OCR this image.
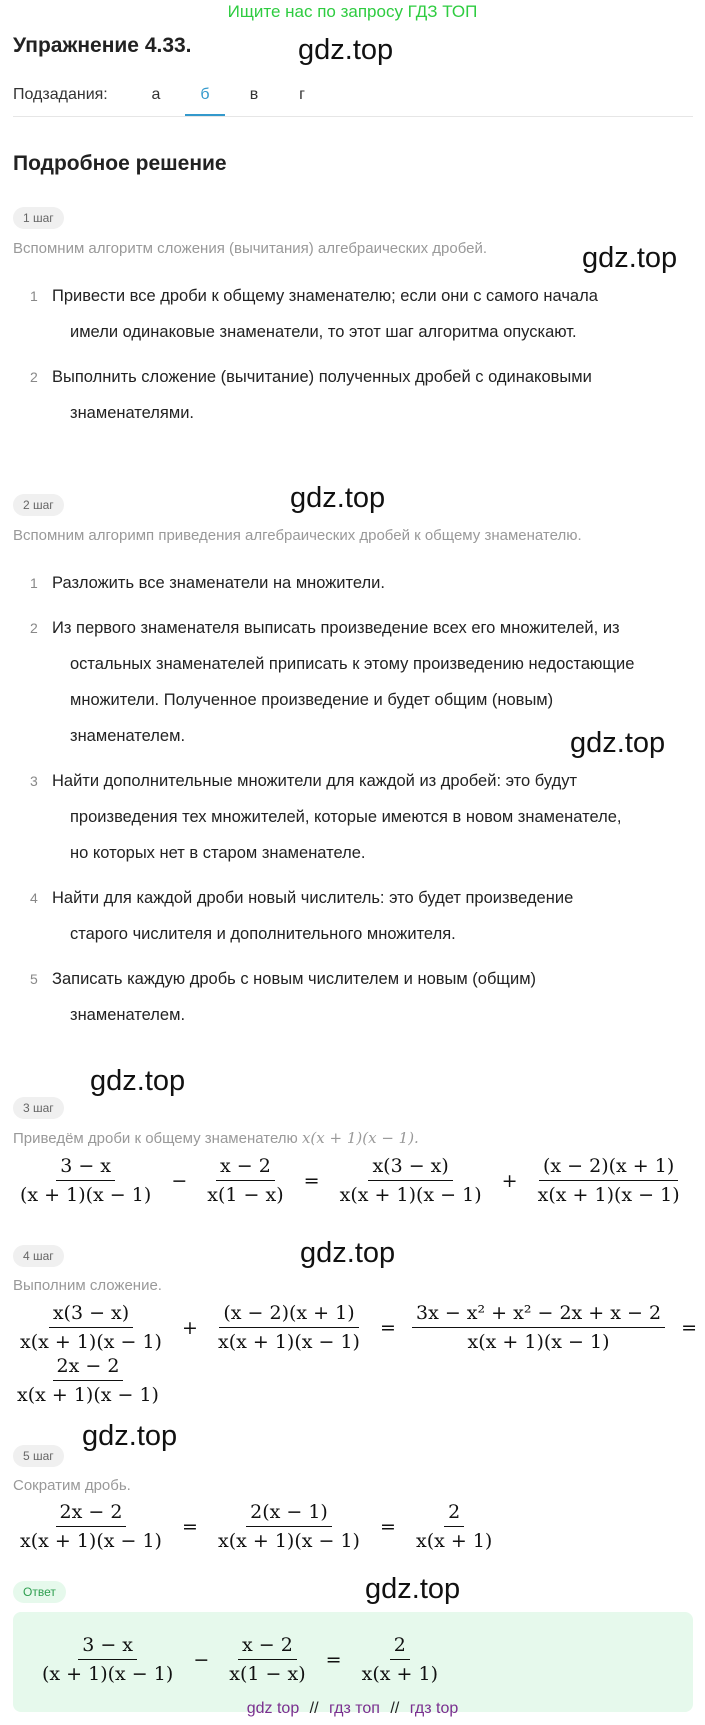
Ищите нас по запросу ГДЗ ТОП
Упражнение 4.33.	gdz.top
Подзадания:	а	б	в	г
Подробное решение
1 шаг
Вспомним алгоритм сложения (вычитания) алгебраических дробей.	gdz.top
1 Привести все дроби к общему знаменателю; если они с самого начала
имели одинаковые знаменатели, то этот шаг алгоритма опускают.
2 Выполнить сложение (вычитание) полученных дробей с одинаковыми
знаменателями.
2 шаг	gdz.top
Вспомним алгоримп приведения алгебраических дробей к общему знаменателю.
gdz.top
1 Разложить все знаменатели на множители.
2 Из первого знаменателя выписать произведение всех его множителей, из
остальных знаменателей приписать к этому произведению недостающие
множители. Полученное произведение и будет общим (новым)
знаменателем.
3 Найти дополнительные множители для каждой из дробей: это будут
произведения тех множителей, которые имеются в новом знаменателе,
но которых нет в старом знаменателе.
4 Найти для каждой дроби новый числитель: это будет произведение
старого числителя и дополнительного множителя.
5 Записать каждую дробь с новым числителем и новым (общим)
знаменателем.
gdz.top
3 шаг
Приведём дроби к общему знаменателю x(x + 1)(x − 1).
$\frac{3 - x}{(x + 1)(x - 1)} - \frac{x - 2}{x(1 - x)} = \frac{x(3 - x)}{x(x + 1)(x - 1)} + \frac{(x - 2)(x + 1)}{x(x + 1)(x - 1)}$
4 шаг	gdz.top
Выполним сложение.
$\frac{x(3 - x)}{x(x + 1)(x - 1)} + \frac{(x - 2)(x + 1)}{x(x + 1)(x - 1)} = \frac{\text{3x − x² + x² − 2x + x − 2}}{x(x + 1)(x - 1)}$ =
$\frac{2x - 2}{x(x + 1)(x - 1)}$
gdz.top
5 шаг
Сократим дробь.
$\frac{2x - 2}{x(x + 1)(x - 1)} = \frac{2(x - 1)}{x(x + 1)(x - 1)} = \frac{2}{x(x + 1)}$
Ответ	gdz.top
$\frac{3 - x}{(x + 1)(x - 1)} - \frac{x - 2}{x(1 - x)} = \frac{2}{x(x + 1)}$
gdz top // гдз топ // гдз top
